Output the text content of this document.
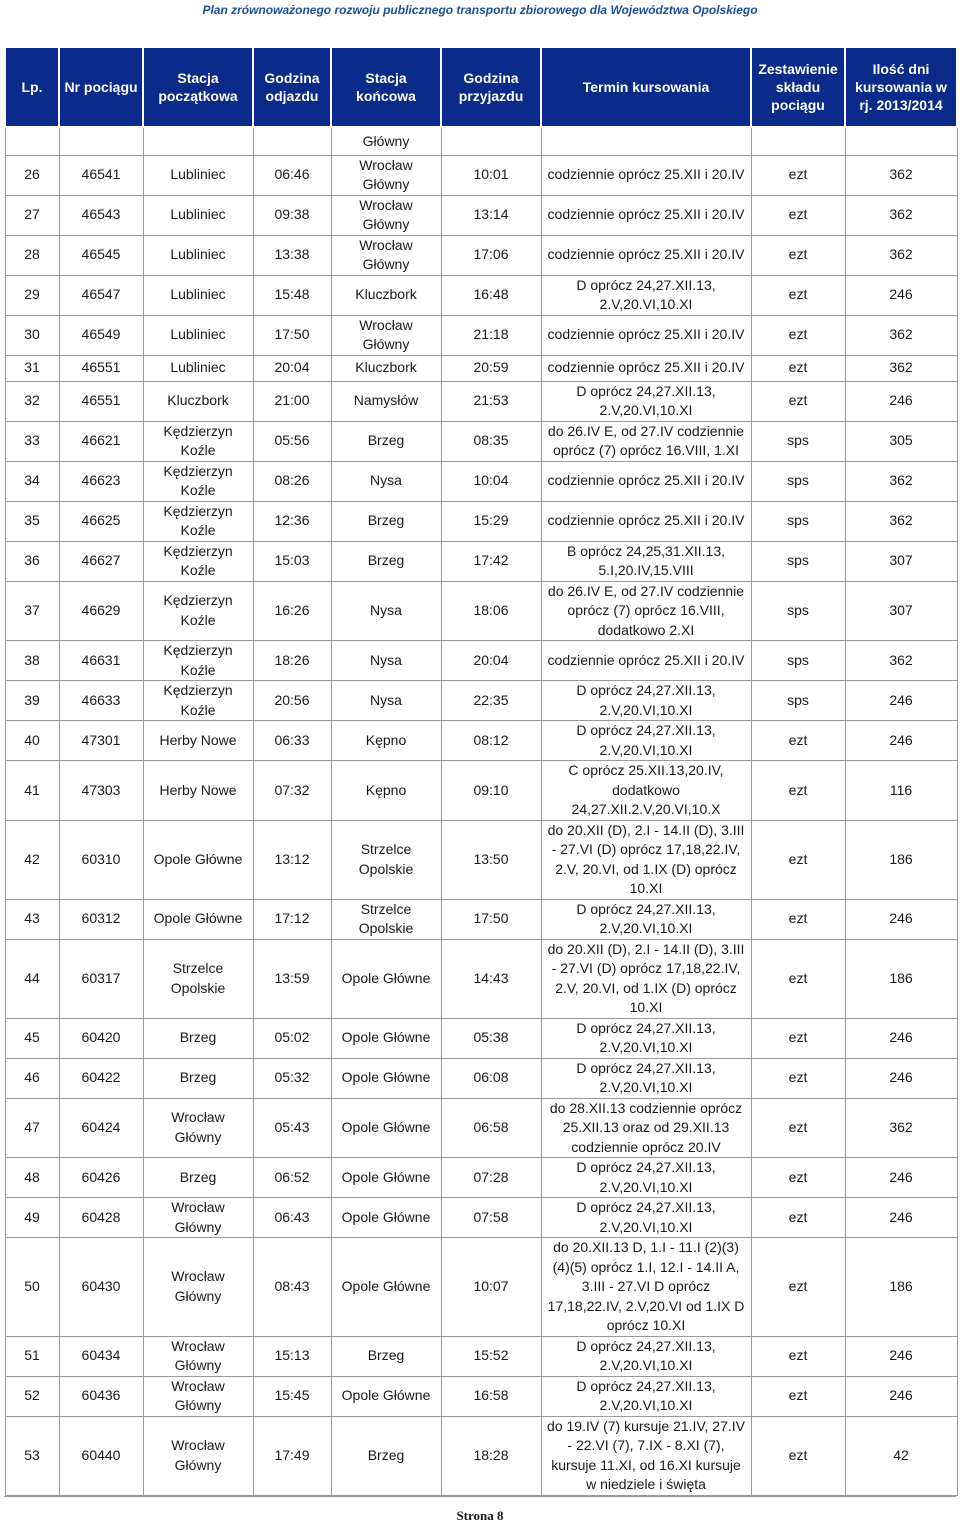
Plan zrównoważonego rozwoju publicznego transportu zbiorowego dla Województwa Opolskiego
Lp.	Nr pociągu	Stacja początkowa	Godzina odjazdu	Stacja końcowa	Godzina przyjazdu	Termin kursowania	Zestawienie składu pociągu	Ilość dni kursowania w rj. 2013/2014
				Główny				
26	46541	Lubliniec	06:46	Wrocław Główny	10:01	codziennie oprócz 25.XII i 20.IV	ezt	362
27	46543	Lubliniec	09:38	Wrocław Główny	13:14	codziennie oprócz 25.XII i 20.IV	ezt	362
28	46545	Lubliniec	13:38	Wrocław Główny	17:06	codziennie oprócz 25.XII i 20.IV	ezt	362
29	46547	Lubliniec	15:48	Kluczbork	16:48	D oprócz 24,27.XII.13, 2.V,20.VI,10.XI	ezt	246
30	46549	Lubliniec	17:50	Wrocław Główny	21:18	codziennie oprócz 25.XII i 20.IV	ezt	362
31	46551	Lubliniec	20:04	Kluczbork	20:59	codziennie oprócz 25.XII i 20.IV	ezt	362
32	46551	Kluczbork	21:00	Namysłów	21:53	D oprócz 24,27.XII.13, 2.V,20.VI,10.XI	ezt	246
33	46621	Kędzierzyn Koźle	05:56	Brzeg	08:35	do 26.IV E, od 27.IV codziennie oprócz (7) oprócz 16.VIII, 1.XI	sps	305
34	46623	Kędzierzyn Koźle	08:26	Nysa	10:04	codziennie oprócz 25.XII i 20.IV	sps	362
35	46625	Kędzierzyn Koźle	12:36	Brzeg	15:29	codziennie oprócz 25.XII i 20.IV	sps	362
36	46627	Kędzierzyn Koźle	15:03	Brzeg	17:42	B oprócz 24,25,31.XII.13, 5.I,20.IV,15.VIII	sps	307
37	46629	Kędzierzyn Koźle	16:26	Nysa	18:06	do 26.IV E, od 27.IV codziennie oprócz (7) oprócz 16.VIII, dodatkowo 2.XI	sps	307
38	46631	Kędzierzyn Koźle	18:26	Nysa	20:04	codziennie oprócz 25.XII i 20.IV	sps	362
39	46633	Kędzierzyn Koźle	20:56	Nysa	22:35	D oprócz 24,27.XII.13, 2.V,20.VI,10.XI	sps	246
40	47301	Herby Nowe	06:33	Kępno	08:12	D oprócz 24,27.XII.13, 2.V,20.VI,10.XI	ezt	246
41	47303	Herby Nowe	07:32	Kępno	09:10	C oprócz 25.XII.13,20.IV, dodatkowo 24,27.XII.2.V,20.VI,10.X	ezt	116
42	60310	Opole Główne	13:12	Strzelce Opolskie	13:50	do 20.XII (D), 2.I - 14.II (D), 3.III - 27.VI (D) oprócz 17,18,22.IV, 2.V, 20.VI, od 1.IX (D) oprócz 10.XI	ezt	186
43	60312	Opole Główne	17:12	Strzelce Opolskie	17:50	D oprócz 24,27.XII.13, 2.V,20.VI,10.XI	ezt	246
44	60317	Strzelce Opolskie	13:59	Opole Główne	14:43	do 20.XII (D), 2.I - 14.II (D), 3.III - 27.VI (D) oprócz 17,18,22.IV, 2.V, 20.VI, od 1.IX (D) oprócz 10.XI	ezt	186
45	60420	Brzeg	05:02	Opole Główne	05:38	D oprócz 24,27.XII.13, 2.V,20.VI,10.XI	ezt	246
46	60422	Brzeg	05:32	Opole Główne	06:08	D oprócz 24,27.XII.13, 2.V,20.VI,10.XI	ezt	246
47	60424	Wrocław Główny	05:43	Opole Główne	06:58	do 28.XII.13 codziennie oprócz 25.XII.13 oraz od 29.XII.13 codziennie oprócz 20.IV	ezt	362
48	60426	Brzeg	06:52	Opole Główne	07:28	D oprócz 24,27.XII.13, 2.V,20.VI,10.XI	ezt	246
49	60428	Wrocław Główny	06:43	Opole Główne	07:58	D oprócz 24,27.XII.13, 2.V,20.VI,10.XI	ezt	246
50	60430	Wrocław Główny	08:43	Opole Główne	10:07	do 20.XII.13 D, 1.I - 11.I (2)(3)(4)(5) oprócz 1.I, 12.I - 14.II A, 3.III - 27.VI D oprócz 17,18,22.IV, 2.V,20.VI od 1.IX D oprócz 10.XI	ezt	186
51	60434	Wrocław Główny	15:13	Brzeg	15:52	D oprócz 24,27.XII.13, 2.V,20.VI,10.XI	ezt	246
52	60436	Wrocław Główny	15:45	Opole Główne	16:58	D oprócz 24,27.XII.13, 2.V,20.VI,10.XI	ezt	246
53	60440	Wrocław Główny	17:49	Brzeg	18:28	do 19.IV (7) kursuje 21.IV, 27.IV - 22.VI (7), 7.IX - 8.XI (7), kursuje 11.XI, od 16.XI kursuje w niedziele i święta	ezt	42
Strona 8
